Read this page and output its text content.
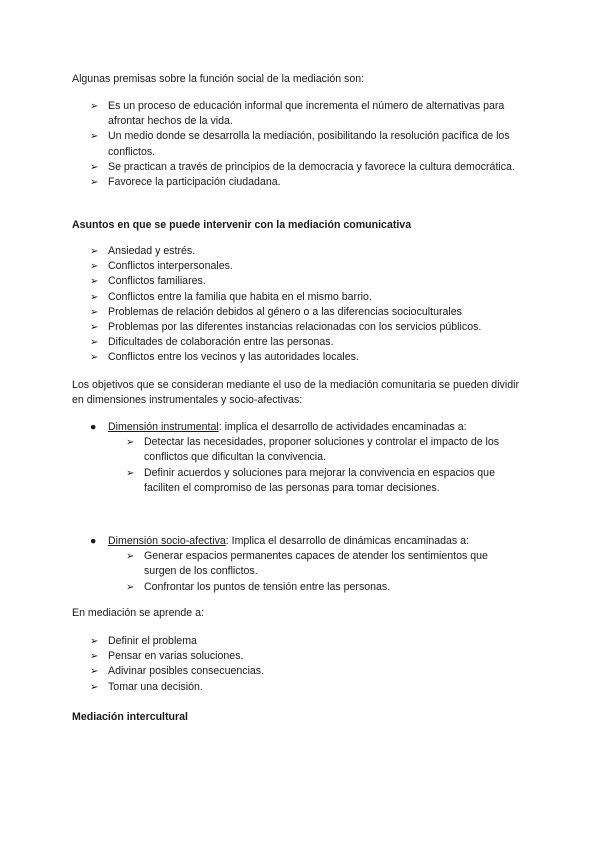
Algunas premisas sobre la función social de la mediación son:

➢ Es un proceso de educación informal que incrementa el número de alternativas para afrontar hechos de la vida.
➢ Un medio donde se desarrolla la mediación, posibilitando la resolución pacífica de los conflictos.
➢ Se practican a través de principios de la democracia y favorece la cultura democrática.
➢ Favorece la participación ciudadana.

Asuntos en que se puede intervenir con la mediación comunicativa

➢ Ansiedad y estrés.
➢ Conflictos interpersonales.
➢ Conflictos familiares.
➢ Conflictos entre la familia que habita en el mismo barrio.
➢ Problemas de relación debidos al género o a las diferencias socioculturales
➢ Problemas por las diferentes instancias relacionadas con los servicios públicos.
➢ Dificultades de colaboración entre las personas.
➢ Conflictos entre los vecinos y las autoridades locales.

Los objetivos que se consideran mediante el uso de la mediación comunitaria se pueden dividir en dimensiones instrumentales y socio-afectivas:

● Dimensión instrumental: implica el desarrollo de actividades encaminadas a:
➢ Detectar las necesidades, proponer soluciones y controlar el impacto de los conflictos que dificultan la convivencia.
➢ Definir acuerdos y soluciones para mejorar la convivencia en espacios que faciliten el compromiso de las personas para tomar decisiones.
● Dimensión socio-afectiva: Implica el desarrollo de dinámicas encaminadas a:
➢ Generar espacios permanentes capaces de atender los sentimientos que surgen de los conflictos.
➢ Confrontar los puntos de tensión entre las personas.

En mediación se aprende a:

➢ Definir el problema
➢ Pensar en varias soluciones.
➢ Adivinar posibles consecuencias.
➢ Tomar una decisión.

Mediación intercultural
